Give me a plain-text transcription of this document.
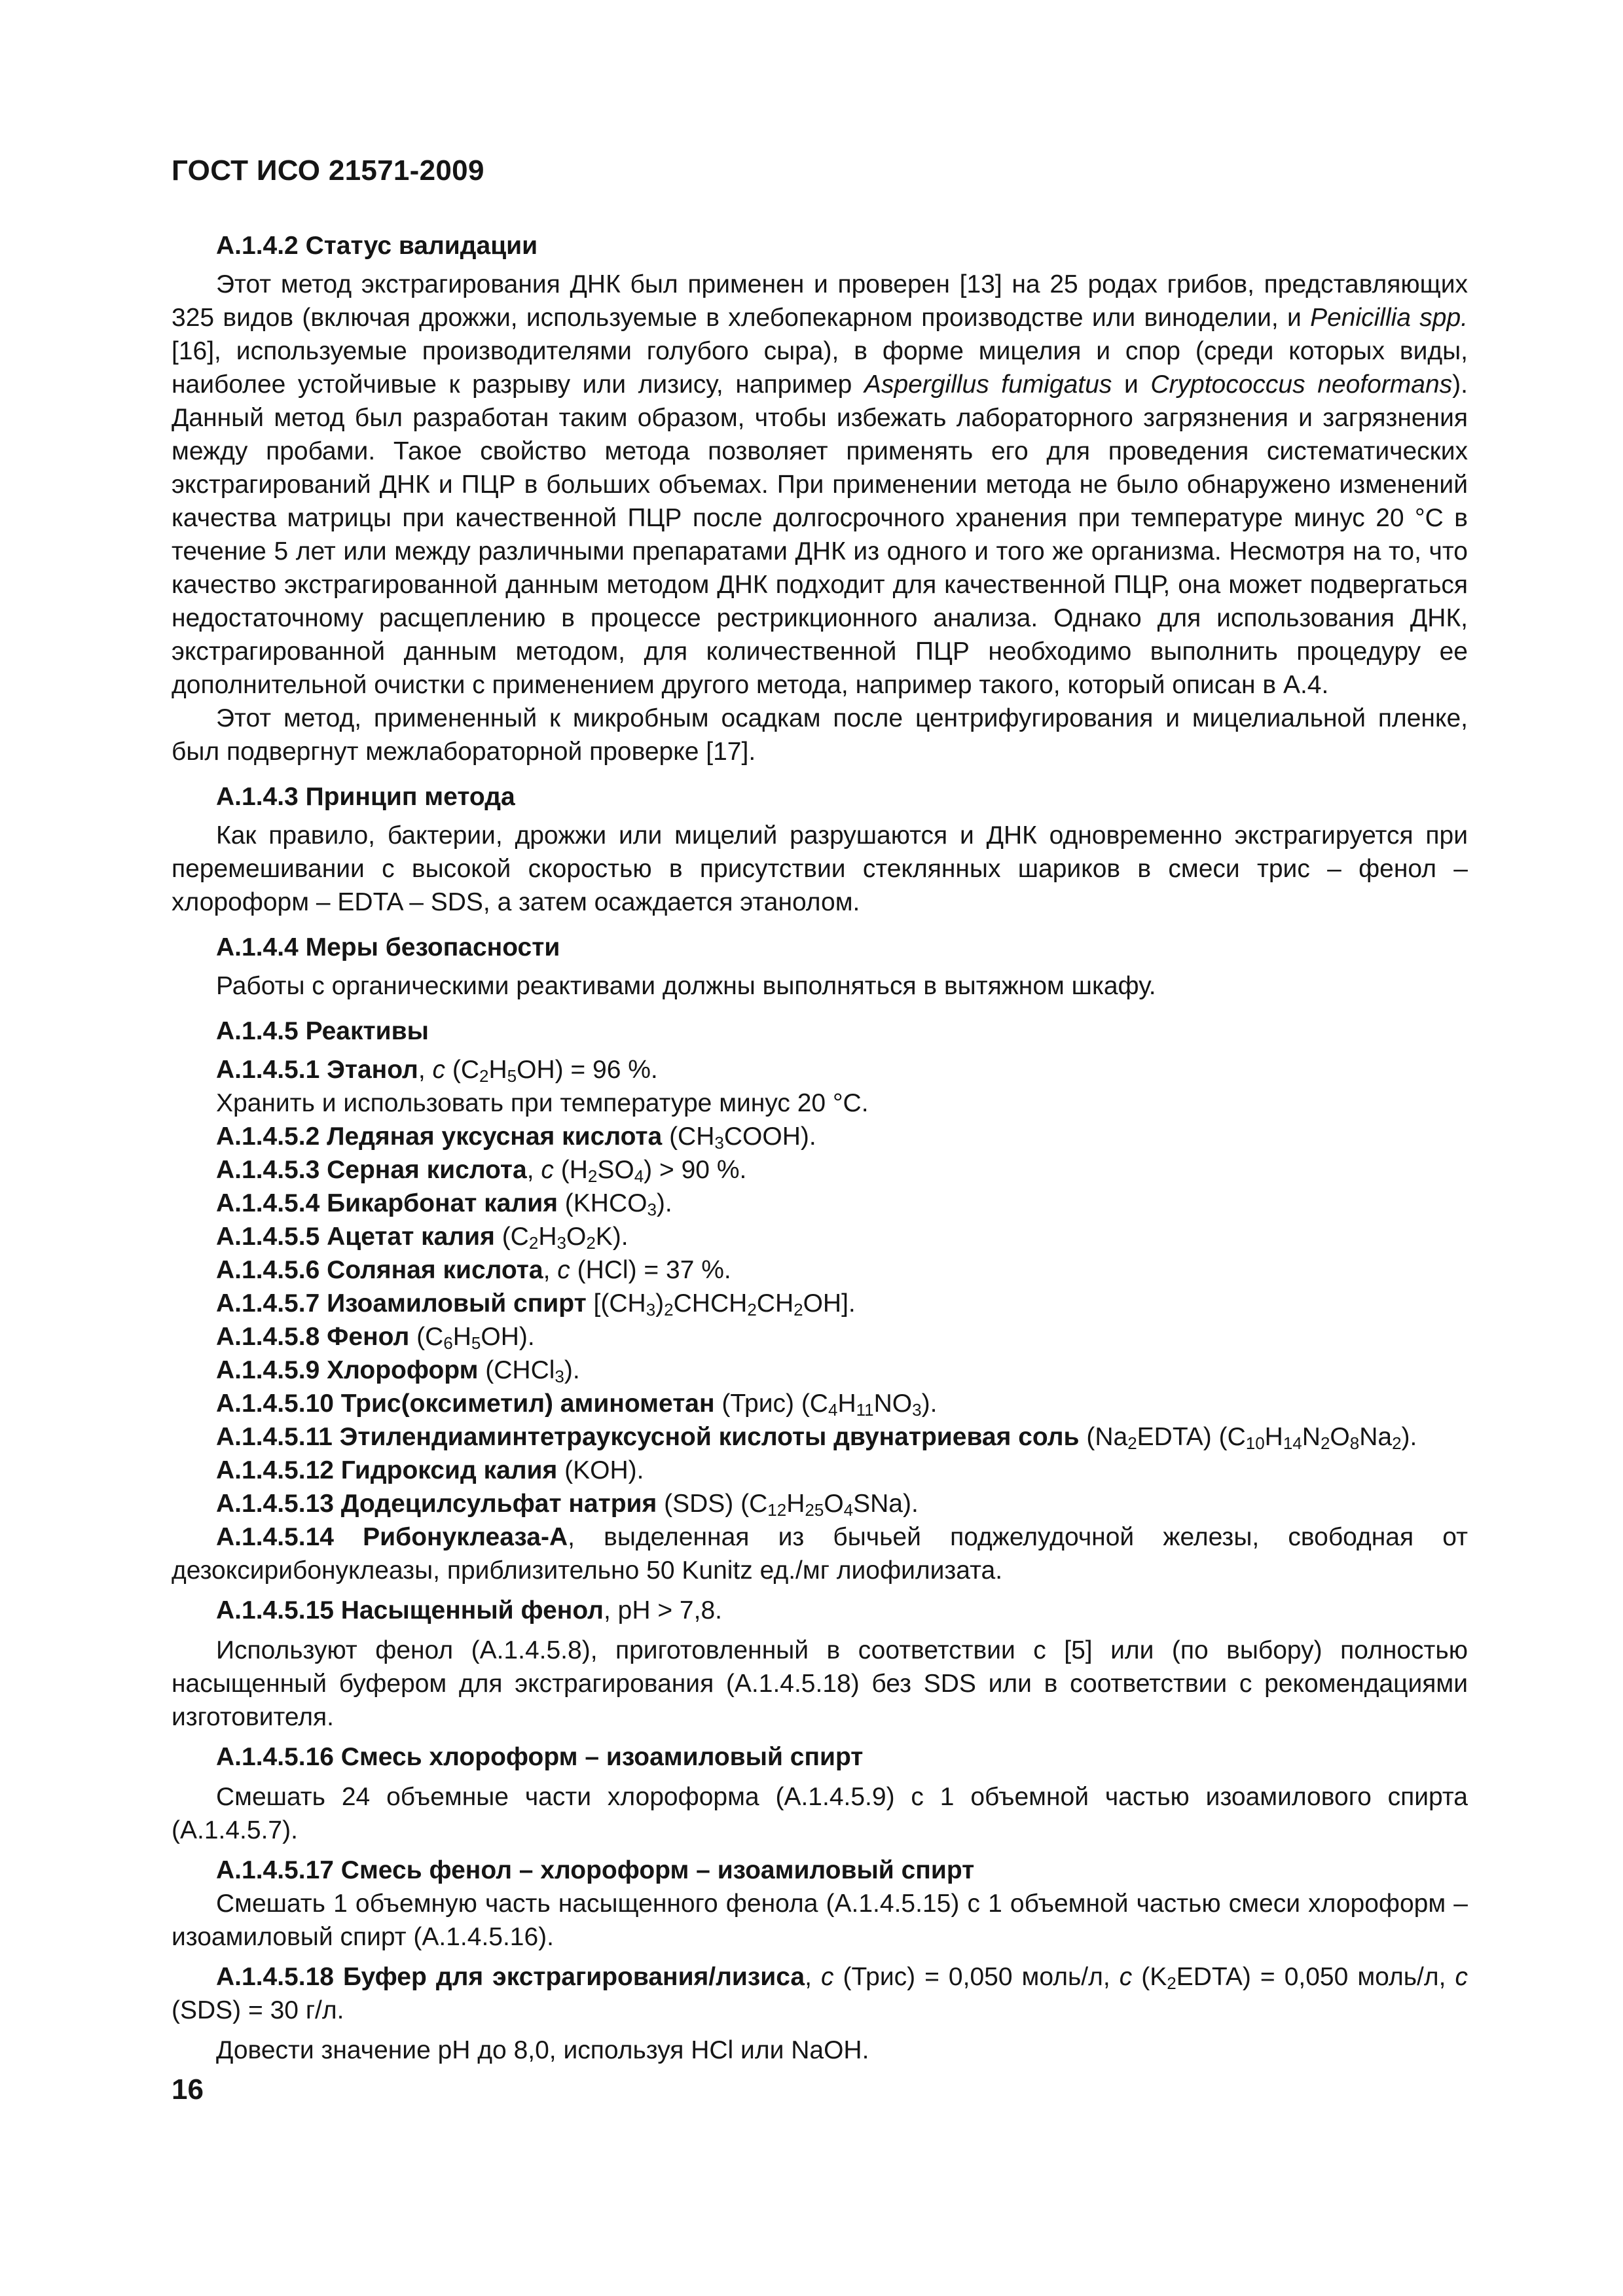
ГОСТ ИСО 21571-2009

A.1.4.2 Статус валидации

Этот метод экстрагирования ДНК был применен и проверен [13] на 25 родах грибов, представляющих 325 видов (включая дрожжи, используемые в хлебопекарном производстве или виноделии, и Penicillia spp. [16], используемые производителями голубого сыра), в форме мицелия и спор (среди которых виды, наиболее устойчивые к разрыву или лизису, например Aspergillus fumigatus и Cryptococcus neoformans). Данный метод был разработан таким образом, чтобы избежать лабораторного загрязнения и загрязнения между пробами. Такое свойство метода позволяет применять его для проведения систематических экстрагирований ДНК и ПЦР в больших объемах. При применении метода не было обнаружено изменений качества матрицы при качественной ПЦР после долгосрочного хранения при температуре минус 20 °C в течение 5 лет или между различными препаратами ДНК из одного и того же организма. Несмотря на то, что качество экстрагированной данным методом ДНК подходит для качественной ПЦР, она может подвергаться недостаточному расщеплению в процессе рестрикционного анализа. Однако для использования ДНК, экстрагированной данным методом, для количественной ПЦР необходимо выполнить процедуру ее дополнительной очистки с применением другого метода, например такого, который описан в А.4.

Этот метод, примененный к микробным осадкам после центрифугирования и мицелиальной пленке, был подвергнут межлабораторной проверке [17].

A.1.4.3 Принцип метода

Как правило, бактерии, дрожжи или мицелий разрушаются и ДНК одновременно экстрагируется при перемешивании с высокой скоростью в присутствии стеклянных шариков в смеси трис – фенол – хлороформ – EDTA – SDS, а затем осаждается этанолом.

A.1.4.4 Меры безопасности

Работы с органическими реактивами должны выполняться в вытяжном шкафу.

A.1.4.5 Реактивы

A.1.4.5.1 Этанол, c $(C_2H_5OH) = 96$ %.

Хранить и использовать при температуре минус 20 °C.

A.1.4.5.2 Ледяная уксусная кислота $(CH_3COOH)$.

A.1.4.5.3 Серная кислота, c $(H_2SO_4) > 90$ %.

A.1.4.5.4 Бикарбонат калия $(KHCO_3)$.

A.1.4.5.5 Ацетат калия $(C_2H_3O_2K)$.

A.1.4.5.6 Соляная кислота, c (HCl) = 37 %.

A.1.4.5.7 Изоамиловый спирт $[(CH_3)_2CHCH_2CH_2OH]$.

A.1.4.5.8 Фенол $(C_6H_5OH)$.

A.1.4.5.9 Хлороформ (CHCl$_3$).

A.1.4.5.10 Трис(оксиметил) аминометан (Трис) $(C_4H_{11}NO_3)$.

A.1.4.5.11 Этилендиаминтетрауксусной кислоты двунатриевая соль $(Na_2EDTA)$ $(C_{10}H_{14}N_2O_8Na_2)$.

A.1.4.5.12 Гидроксид калия (KOH).

A.1.4.5.13 Додецилсульфат натрия (SDS) $(C_{12}H_{25}O_4SNa)$.

A.1.4.5.14 Рибонуклеаза-А, выделенная из бычьей поджелудочной железы, свободная от дезоксирибонуклеазы, приблизительно 50 Kunitz ед./мг лиофилизата.

A.1.4.5.15 Насыщенный фенол, pH > 7,8.

Используют фенол (А.1.4.5.8), приготовленный в соответствии с [5] или (по выбору) полностью насыщенный буфером для экстрагирования (А.1.4.5.18) без SDS или в соответствии с рекомендациями изготовителя.

A.1.4.5.16 Смесь хлороформ – изоамиловый спирт

Смешать 24 объемные части хлороформа (А.1.4.5.9) с 1 объемной частью изоамилового спирта (А.1.4.5.7).

A.1.4.5.17 Смесь фенол – хлороформ – изоамиловый спирт

Смешать 1 объемную часть насыщенного фенола (А.1.4.5.15) с 1 объемной частью смеси хлороформ – изоамиловый спирт (А.1.4.5.16).

A.1.4.5.18 Буфер для экстрагирования/лизиса, c (Трис) = 0,050 моль/л, c $(K_2EDTA) = 0,050$ моль/л, c (SDS) = 30 г/л.

Довести значение pH до 8,0, используя HCl или NaOH.

16
